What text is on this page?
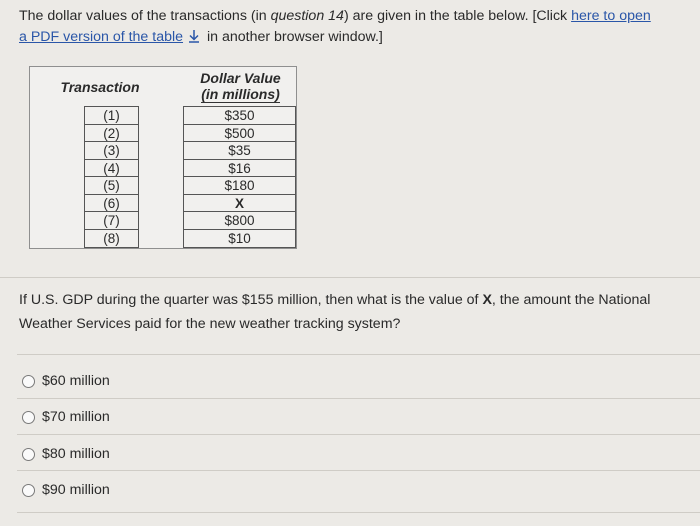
The dollar values of the transactions (in question 14) are given in the table below. [Click here to open
a PDF version of the table in another browser window.]
Transaction
Dollar Value
(in millions)
(1)
(2)
(3)
(4)
(5)
(6)
(7)
(8)
$350
$500
$35
$16
$180
X
$800
$10
If U.S. GDP during the quarter was $155 million, then what is the value of X, the amount the National Weather Services paid for the new weather tracking system?
$60 million
$70 million
$80 million
$90 million
